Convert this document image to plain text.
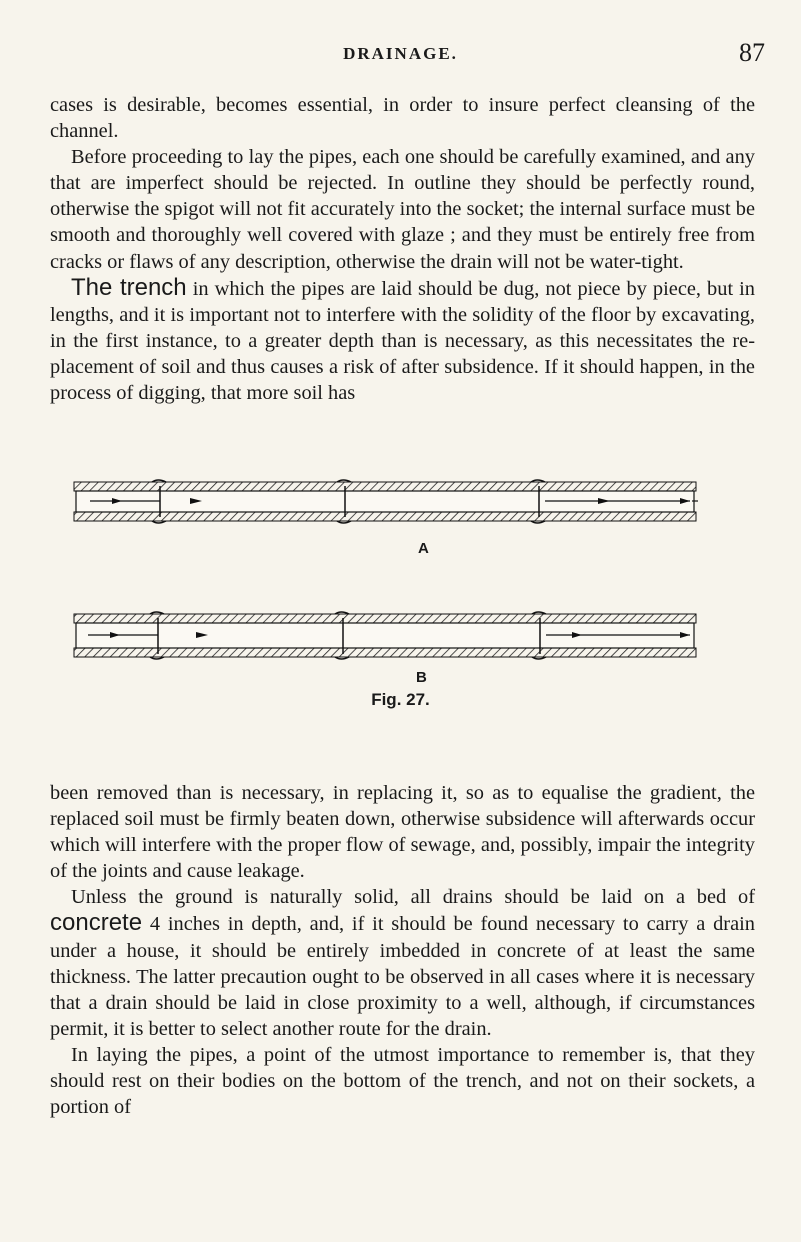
DRAINAGE.	87

cases is desirable, becomes essential, in order to insure perfect cleansing of the channel.

Before proceeding to lay the pipes, each one should be carefully examined, and any that are imperfect should be rejected. In outline they should be perfectly round, otherwise the spigot will not fit accurately into the socket; the internal surface must be smooth and thoroughly well covered with glaze ; and they must be entirely free from cracks or flaws of any description, otherwise the drain will not be water-tight.

The trench in which the pipes are laid should be dug, not piece by piece, but in lengths, and it is important not to interfere with the solidity of the floor by excavating, in the first instance, to a greater depth than is necessary, as this necessitates the re-placement of soil and thus causes a risk of after subsidence. If it should happen, in the process of digging, that more soil has

A
B
Fig. 27.

been removed than is necessary, in replacing it, so as to equalise the gradient, the replaced soil must be firmly beaten down, otherwise subsidence will afterwards occur which will interfere with the proper flow of sewage, and, possibly, impair the integrity of the joints and cause leakage.

Unless the ground is naturally solid, all drains should be laid on a bed of concrete 4 inches in depth, and, if it should be found necessary to carry a drain under a house, it should be entirely imbedded in concrete of at least the same thickness. The latter precaution ought to be observed in all cases where it is necessary that a drain should be laid in close proximity to a well, although, if circumstances permit, it is better to select another route for the drain.

In laying the pipes, a point of the utmost importance to remember is, that they should rest on their bodies on the bottom of the trench, and not on their sockets, a portion of
